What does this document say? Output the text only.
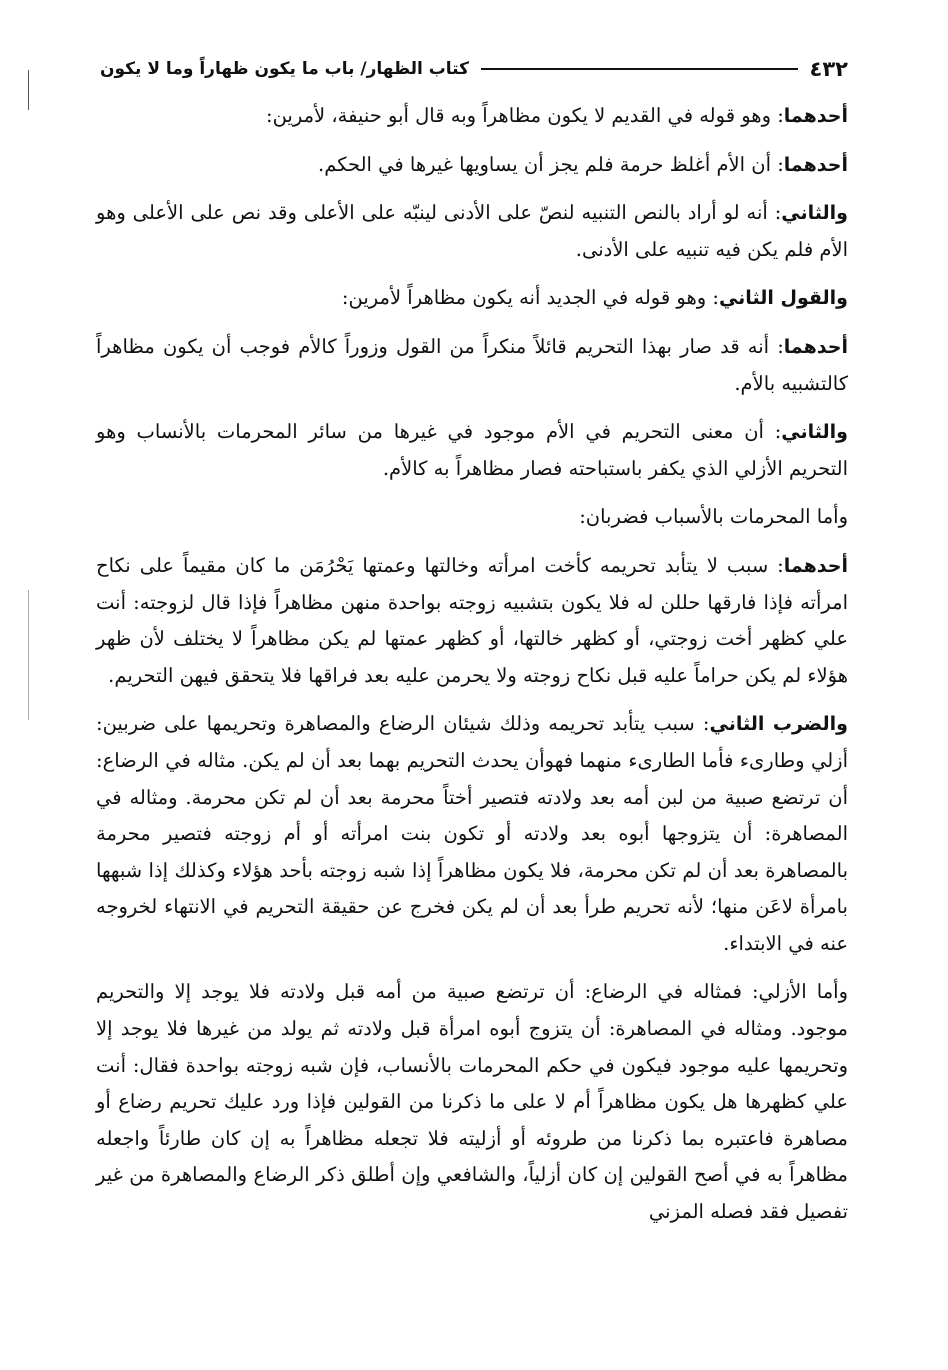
٤٣٢
كتاب الظهار/ باب ما يكون ظهاراً وما لا يكون

أحدهما: وهو قوله في القديم لا يكون مظاهراً وبه قال أبو حنيفة، لأمرين:

أحدهما: أن الأم أغلظ حرمة فلم يجز أن يساويها غيرها في الحكم.

والثاني: أنه لو أراد بالنص التنبيه لنصّ على الأدنى لينبّه على الأعلى وقد نص على الأعلى وهو الأم فلم يكن فيه تنبيه على الأدنى.

والقول الثاني: وهو قوله في الجديد أنه يكون مظاهراً لأمرين:

أحدهما: أنه قد صار بهذا التحريم قائلاً منكراً من القول وزوراً كالأم فوجب أن يكون مظاهراً كالتشبيه بالأم.

والثاني: أن معنى التحريم في الأم موجود في غيرها من سائر المحرمات بالأنساب وهو التحريم الأزلي الذي يكفر باستباحته فصار مظاهراً به كالأم.

وأما المحرمات بالأسباب فضربان:

أحدهما: سبب لا يتأبد تحريمه كأخت امرأته وخالتها وعمتها يَحْرُمَن ما كان مقيماً على نكاح امرأته فإذا فارقها حللن له فلا يكون بتشبيه زوجته بواحدة منهن مظاهراً فإذا قال لزوجته: أنت علي كظهر أخت زوجتي، أو كظهر خالتها، أو كظهر عمتها لم يكن مظاهراً لا يختلف لأن ظهر هؤلاء لم يكن حراماً عليه قبل نكاح زوجته ولا يحرمن عليه بعد فراقها فلا يتحقق فيهن التحريم.

والضرب الثاني: سبب يتأبد تحريمه وذلك شيئان الرضاع والمصاهرة وتحريمها على ضربين: أزلي وطارىء فأما الطارىء منهما فهوأن يحدث التحريم بهما بعد أن لم يكن. مثاله في الرضاع: أن ترتضع صبية من لبن أمه بعد ولادته فتصير أختاً محرمة بعد أن لم تكن محرمة. ومثاله في المصاهرة: أن يتزوجها أبوه بعد ولادته أو تكون بنت امرأته أو أم زوجته فتصير محرمة بالمصاهرة بعد أن لم تكن محرمة، فلا يكون مظاهراً إذا شبه زوجته بأحد هؤلاء وكذلك إذا شبهها بامرأة لاعَن منها؛ لأنه تحريم طرأ بعد أن لم يكن فخرج عن حقيقة التحريم في الانتهاء لخروجه عنه في الابتداء.

وأما الأزلي: فمثاله في الرضاع: أن ترتضع صبية من أمه قبل ولادته فلا يوجد إلا والتحريم موجود. ومثاله في المصاهرة: أن يتزوج أبوه امرأة قبل ولادته ثم يولد من غيرها فلا يوجد إلا وتحريمها عليه موجود فيكون في حكم المحرمات بالأنساب، فإن شبه زوجته بواحدة فقال: أنت علي كظهرها هل يكون مظاهراً أم لا على ما ذكرنا من القولين فإذا ورد عليك تحريم رضاع أو مصاهرة فاعتبره بما ذكرنا من طروئه أو أزليته فلا تجعله مظاهراً به إن كان طارئاً واجعله مظاهراً به في أصح القولين إن كان أزلياً، والشافعي وإن أطلق ذكر الرضاع والمصاهرة من غير تفصيل فقد فصله المزني
